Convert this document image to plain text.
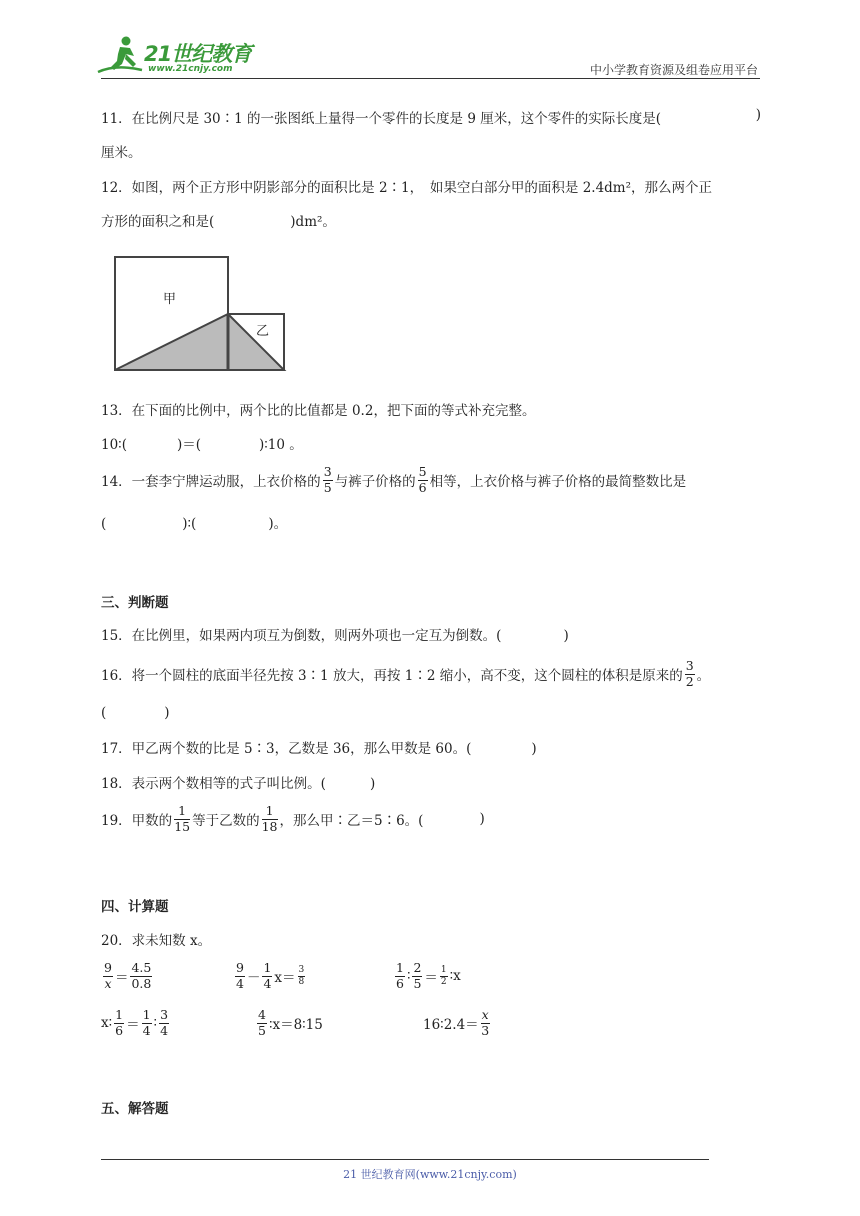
21世纪教育
www.21cnjy.com	中小学教育资源及组卷应用平台
11．在比例尺是 30∶1 的一张图纸上量得一个零件的长度是 9 厘米，这个零件的实际长度是(	)
厘米。
12．如图，两个正方形中阴影部分的面积比是 2∶1，　如果空白部分甲的面积是 2.4dm²，那么两个正
方形的面积之和是(	)dm²。
甲
乙
13．在下面的比例中，两个比的比值都是 0.2，把下面的等式补充完整。
10∶(	)＝(	)∶10 。
14．一套李宁牌运动服，上衣价格的 $\frac{3}{5}$ 与裤子价格的 $\frac{5}{6}$ 相等，上衣价格与裤子价格的最简整数比是
(	)∶(	)。
三、判断题
15．在比例里，如果两内项互为倒数，则两外项也一定互为倒数。(	)
16．将一个圆柱的底面半径先按 3∶1 放大，再按 1∶2 缩小，高不变，这个圆柱的体积是原来的 $\frac{3}{2}$ 。
(	)
17．甲乙两个数的比是 5∶3，乙数是 36，那么甲数是 60。(	)
18．表示两个数相等的式子叫比例。(	)
19．甲数的 $\frac{1}{15}$ 等于乙数的 $\frac{1}{18}$ ，那么甲∶乙＝5∶6。(	)
四、计算题
20．求未知数 x。
$\frac{9}{x} = \frac{4.5}{0.8}$	$\frac{9}{4} - \frac{1}{4} x= \frac{3}{8}$	$\frac{1}{6}$ ∶ $\frac{2}{5} = \frac{1}{2}$ ∶x
x∶ $\frac{1}{6} = \frac{1}{4}$ ∶ $\frac{3}{4}$	$\frac{4}{5}$ ∶x＝8∶15	16∶2.4＝ $\frac{x}{3}$
五、解答题
21 世纪教育网(www.21cnjy.com)
